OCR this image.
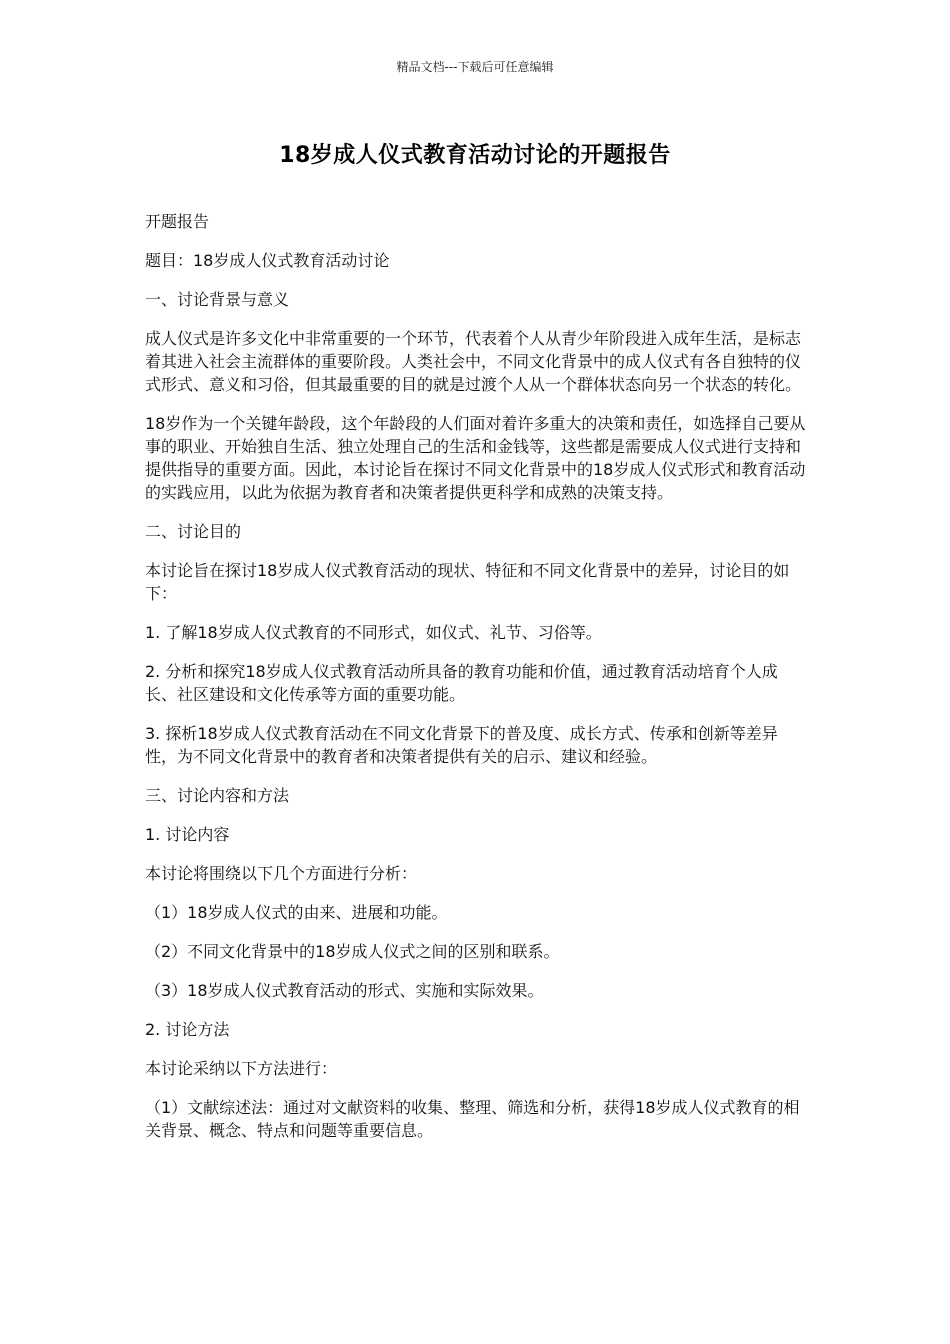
精品文档---下载后可任意编辑
18岁成人仪式教育活动讨论的开题报告

开题报告

题目：18岁成人仪式教育活动讨论

一、讨论背景与意义

成人仪式是许多文化中非常重要的一个环节，代表着个人从青少年阶段进入成年生活，是标志着其进入社会主流群体的重要阶段。人类社会中，不同文化背景中的成人仪式有各自独特的仪式形式、意义和习俗，但其最重要的目的就是过渡个人从一个群体状态向另一个状态的转化。

18岁作为一个关键年龄段，这个年龄段的人们面对着许多重大的决策和责任，如选择自己要从事的职业、开始独自生活、独立处理自己的生活和金钱等，这些都是需要成人仪式进行支持和提供指导的重要方面。因此，本讨论旨在探讨不同文化背景中的18岁成人仪式形式和教育活动的实践应用，以此为依据为教育者和决策者提供更科学和成熟的决策支持。

二、讨论目的

本讨论旨在探讨18岁成人仪式教育活动的现状、特征和不同文化背景中的差异，讨论目的如下：

1. 了解18岁成人仪式教育的不同形式，如仪式、礼节、习俗等。

2. 分析和探究18岁成人仪式教育活动所具备的教育功能和价值，通过教育活动培育个人成长、社区建设和文化传承等方面的重要功能。

3. 探析18岁成人仪式教育活动在不同文化背景下的普及度、成长方式、传承和创新等差异性，为不同文化背景中的教育者和决策者提供有关的启示、建议和经验。

三、讨论内容和方法

1. 讨论内容

本讨论将围绕以下几个方面进行分析：

（1）18岁成人仪式的由来、进展和功能。

（2）不同文化背景中的18岁成人仪式之间的区别和联系。

（3）18岁成人仪式教育活动的形式、实施和实际效果。

2. 讨论方法

本讨论采纳以下方法进行：

（1）文献综述法：通过对文献资料的收集、整理、筛选和分析，获得18岁成人仪式教育的相关背景、概念、特点和问题等重要信息。
